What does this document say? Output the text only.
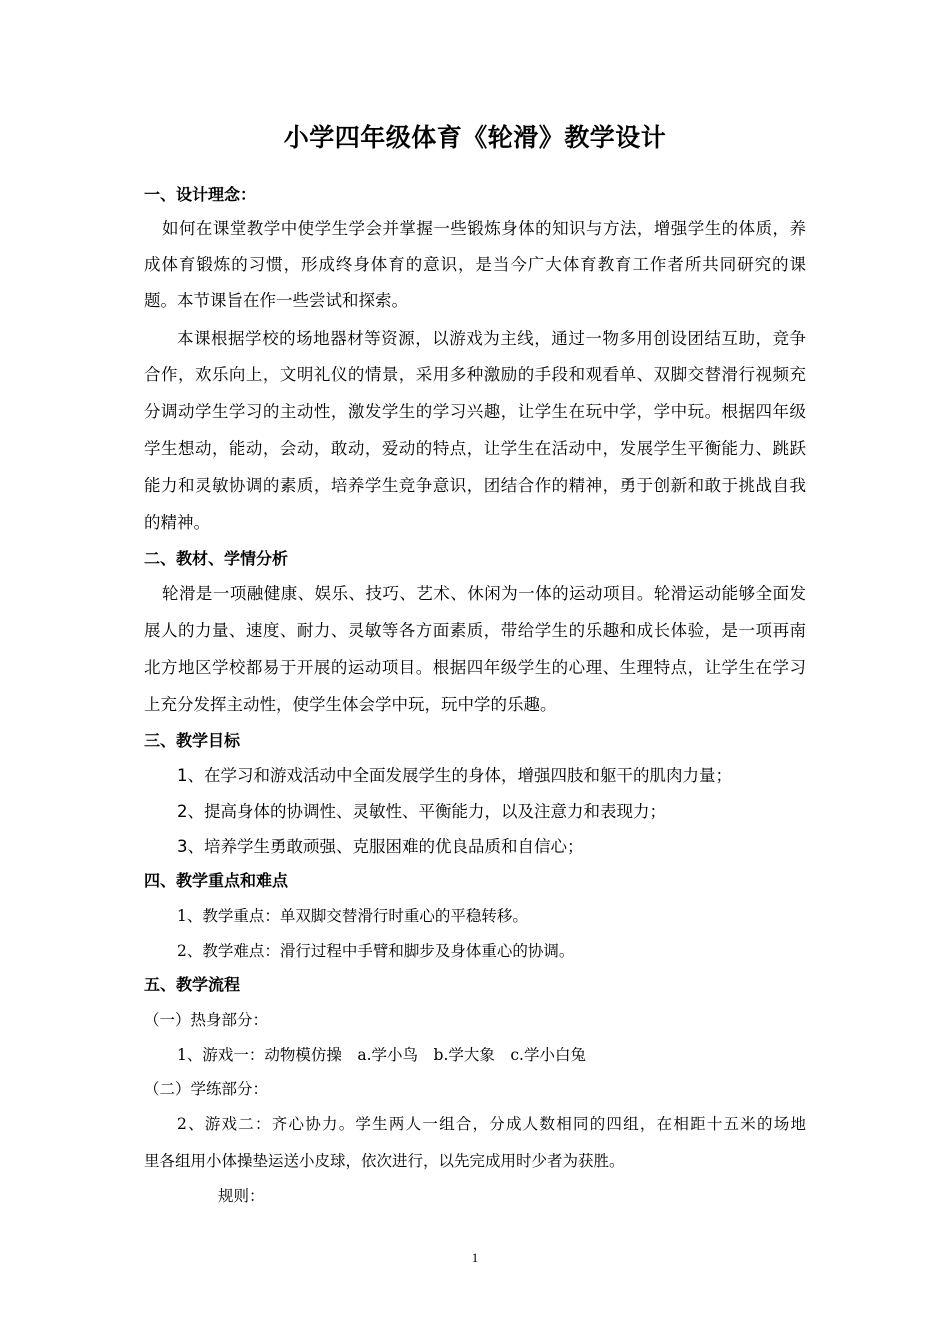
小学四年级体育《轮滑》教学设计
一、设计理念：
如何在课堂教学中使学生学会并掌握一些锻炼身体的知识与方法，增强学生的体质，养
成体育锻炼的习惯，形成终身体育的意识，是当今广大体育教育工作者所共同研究的课
题。本节课旨在作一些尝试和探索。
本课根据学校的场地器材等资源，以游戏为主线，通过一物多用创设团结互助，竞争
合作，欢乐向上，文明礼仪的情景，采用多种激励的手段和观看单、双脚交替滑行视频充
分调动学生学习的主动性，激发学生的学习兴趣，让学生在玩中学，学中玩。根据四年级
学生想动，能动，会动，敢动，爱动的特点，让学生在活动中，发展学生平衡能力、跳跃
能力和灵敏协调的素质，培养学生竞争意识，团结合作的精神，勇于创新和敢于挑战自我
的精神。
二、教材、学情分析
轮滑是一项融健康、娱乐、技巧、艺术、休闲为一体的运动项目。轮滑运动能够全面发
展人的力量、速度、耐力、灵敏等各方面素质，带给学生的乐趣和成长体验，是一项再南
北方地区学校都易于开展的运动项目。根据四年级学生的心理、生理特点，让学生在学习
上充分发挥主动性，使学生体会学中玩，玩中学的乐趣。
三、教学目标
1、在学习和游戏活动中全面发展学生的身体，增强四肢和躯干的肌肉力量；
2、提高身体的协调性、灵敏性、平衡能力，以及注意力和表现力；
3、培养学生勇敢顽强、克服困难的优良品质和自信心；
四、教学重点和难点
1、教学重点：单双脚交替滑行时重心的平稳转移。
2、教学难点：滑行过程中手臂和脚步及身体重心的协调。
五、教学流程
（一）热身部分：
1、游戏一：动物模仿操　a.学小鸟　b.学大象　c.学小白兔
（二）学练部分：
2、游戏二：齐心协力。学生两人一组合，分成人数相同的四组，在相距十五米的场地
里各组用小体操垫运送小皮球，依次进行，以先完成用时少者为获胜。
规则：
1
